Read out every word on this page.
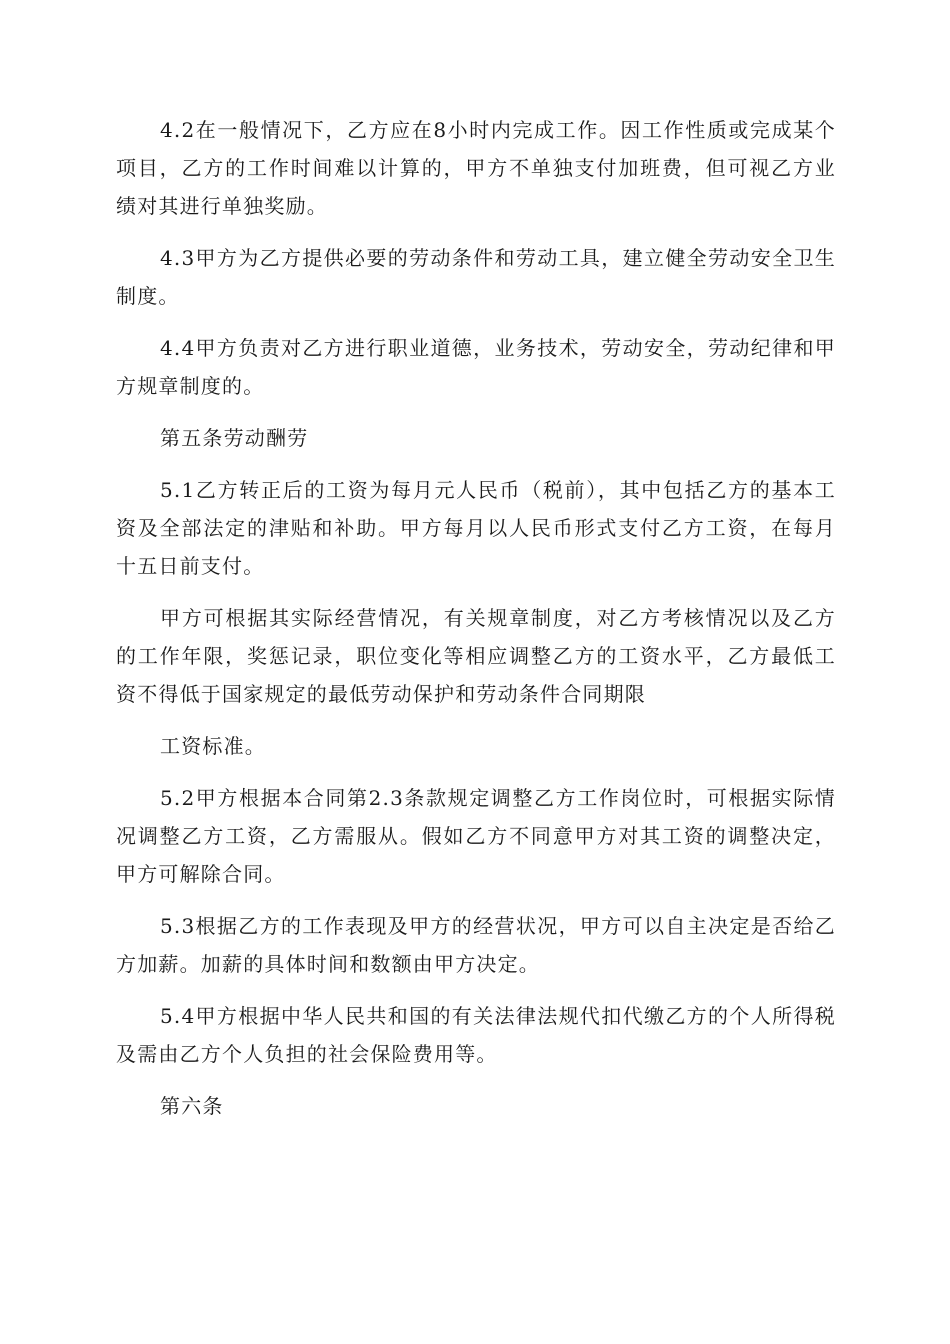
4.2在一般情况下，乙方应在8小时内完成工作。因工作性质或完成某个项目，乙方的工作时间难以计算的，甲方不单独支付加班费，但可视乙方业绩对其进行单独奖励。

4.3甲方为乙方提供必要的劳动条件和劳动工具，建立健全劳动安全卫生制度。

4.4甲方负责对乙方进行职业道德，业务技术，劳动安全，劳动纪律和甲方规章制度的。

第五条劳动酬劳

5.1乙方转正后的工资为每月元人民币（税前），其中包括乙方的基本工资及全部法定的津贴和补助。甲方每月以人民币形式支付乙方工资，在每月十五日前支付。

甲方可根据其实际经营情况，有关规章制度，对乙方考核情况以及乙方的工作年限，奖惩记录，职位变化等相应调整乙方的工资水平，乙方最低工资不得低于国家规定的最低劳动保护和劳动条件合同期限

工资标准。

5.2甲方根据本合同第2.3条款规定调整乙方工作岗位时，可根据实际情况调整乙方工资，乙方需服从。假如乙方不同意甲方对其工资的调整决定，甲方可解除合同。

5.3根据乙方的工作表现及甲方的经营状况，甲方可以自主决定是否给乙方加薪。加薪的具体时间和数额由甲方决定。

5.4甲方根据中华人民共和国的有关法律法规代扣代缴乙方的个人所得税及需由乙方个人负担的社会保险费用等。

第六条
